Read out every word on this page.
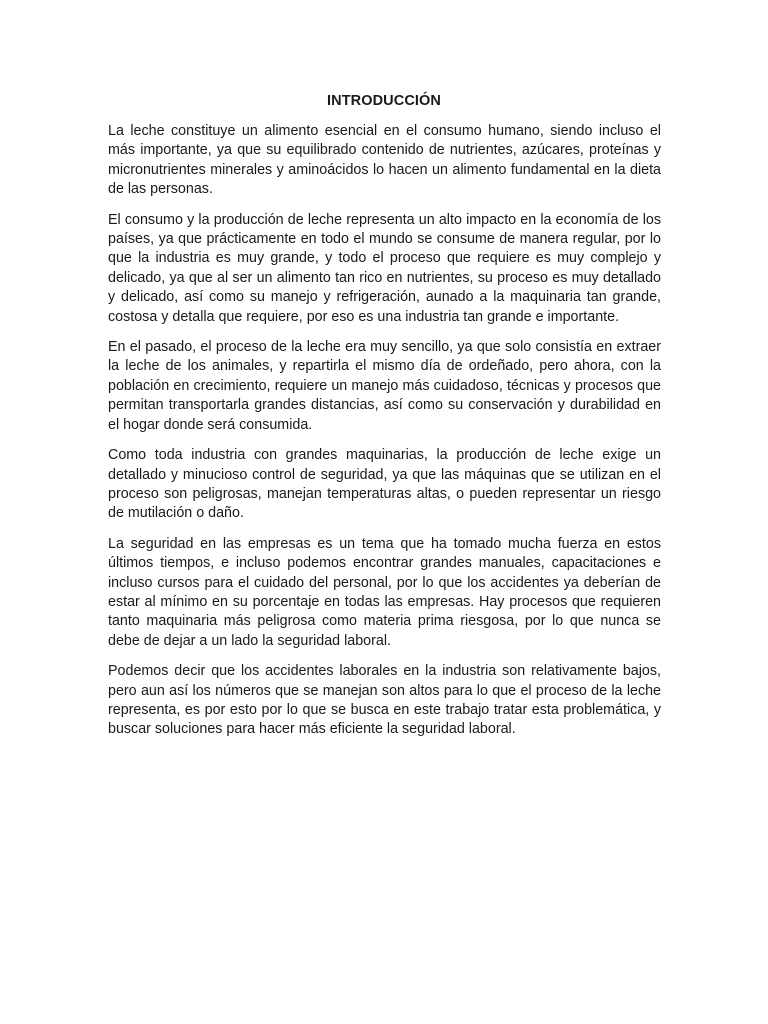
INTRODUCCIÓN

La leche constituye un alimento esencial en el consumo humano, siendo incluso el más importante, ya que su equilibrado contenido de nutrientes, azúcares, proteínas y micronutrientes minerales y aminoácidos lo hacen un alimento fundamental en la dieta de las personas.

El consumo y la producción de leche representa un alto impacto en la economía de los países, ya que prácticamente en todo el mundo se consume de manera regular, por lo que la industria es muy grande, y todo el proceso que requiere es muy complejo y delicado, ya que al ser un alimento tan rico en nutrientes, su proceso es muy detallado y delicado, así como su manejo y refrigeración, aunado a la maquinaria tan grande, costosa y detalla que requiere, por eso es una industria tan grande e importante.

En el pasado, el proceso de la leche era muy sencillo, ya que solo consistía en extraer la leche de los animales, y repartirla el mismo día de ordeñado, pero ahora, con la población en crecimiento, requiere un manejo más cuidadoso, técnicas y procesos que permitan transportarla grandes distancias, así como su conservación y durabilidad en el hogar donde será consumida.

Como toda industria con grandes maquinarias, la producción de leche exige un detallado y minucioso control de seguridad, ya que las máquinas que se utilizan en el proceso son peligrosas, manejan temperaturas altas, o pueden representar un riesgo de mutilación o daño.

La seguridad en las empresas es un tema que ha tomado mucha fuerza en estos últimos tiempos, e incluso podemos encontrar grandes manuales, capacitaciones e incluso cursos para el cuidado del personal, por lo que los accidentes ya deberían de estar al mínimo en su porcentaje en todas las empresas. Hay procesos que requieren tanto maquinaria más peligrosa como materia prima riesgosa, por lo que nunca se debe de dejar a un lado la seguridad laboral.

Podemos decir que los accidentes laborales en la industria son relativamente bajos, pero aun así los números que se manejan son altos para lo que el proceso de la leche representa, es por esto por lo que se busca en este trabajo tratar esta problemática, y buscar soluciones para hacer más eficiente la seguridad laboral.
